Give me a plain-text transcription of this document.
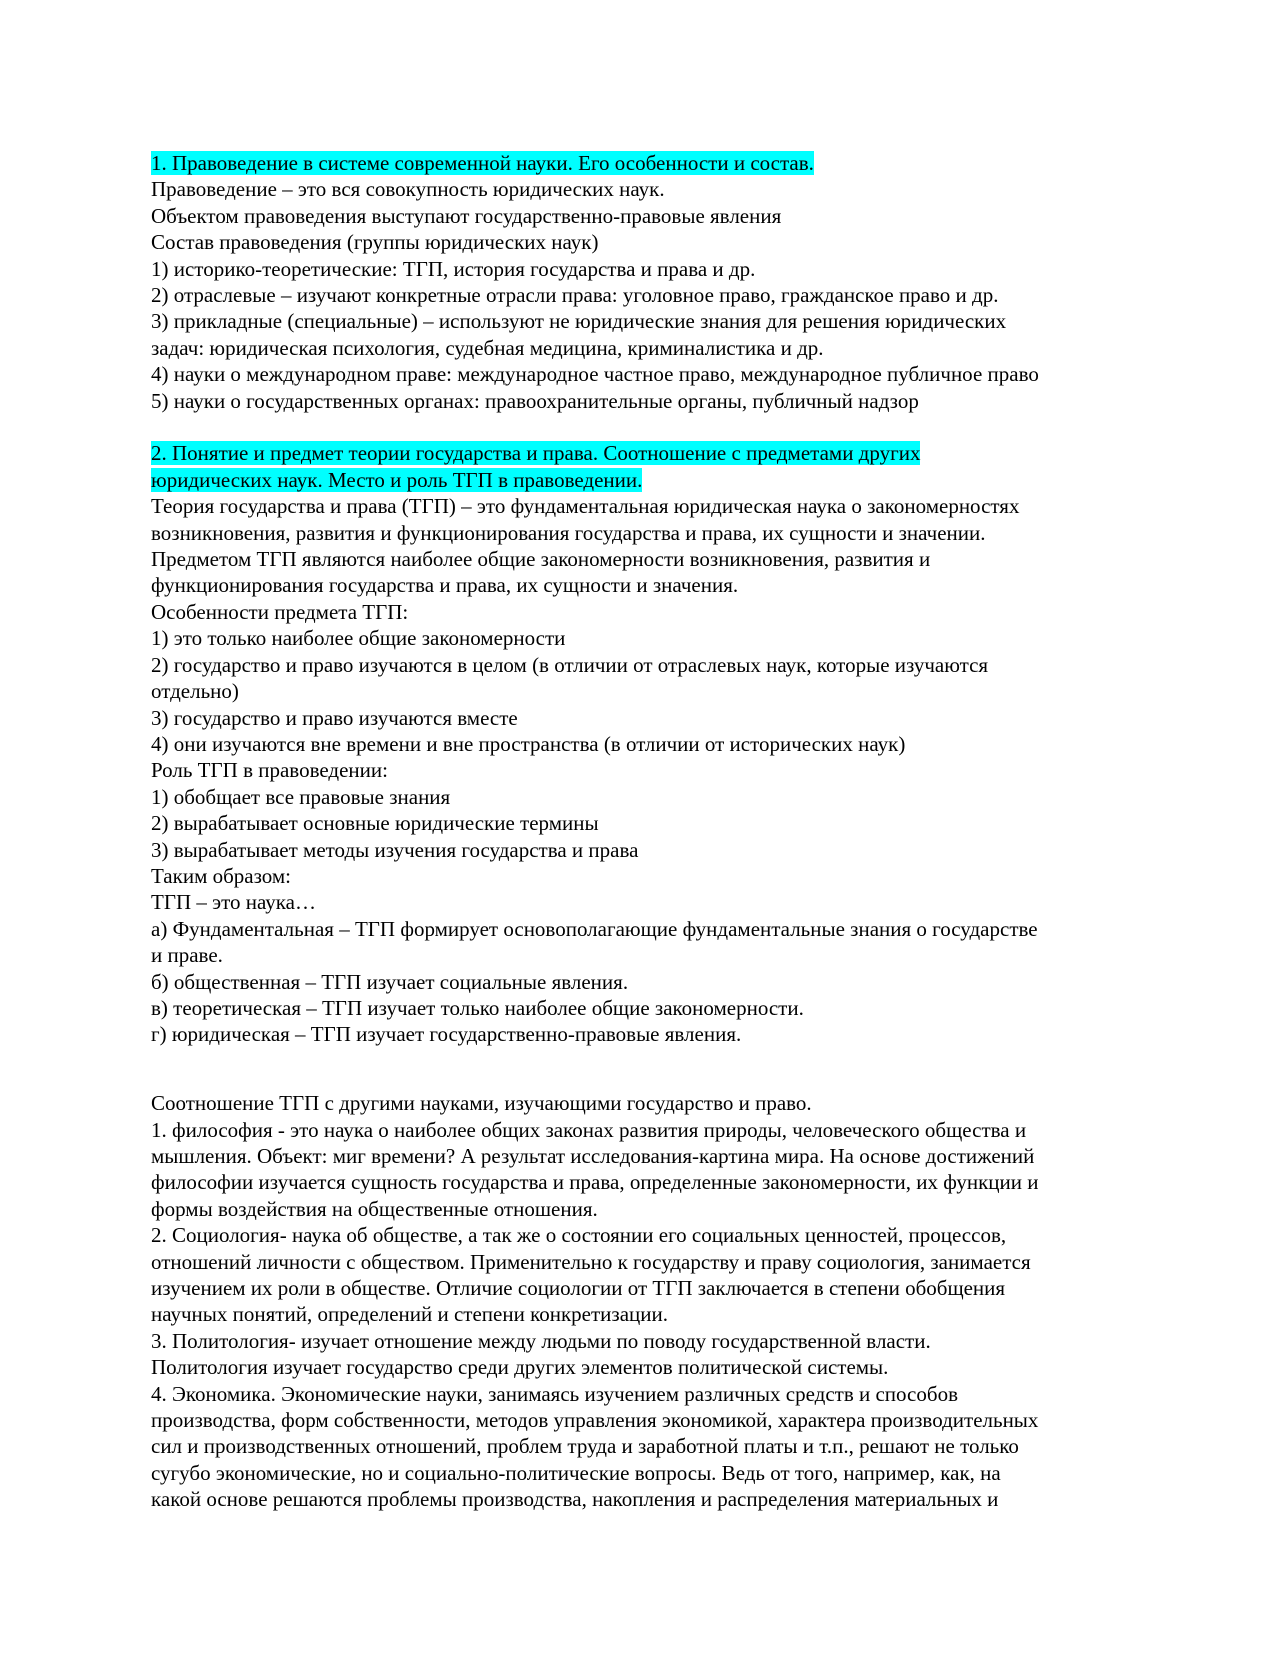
1. Правоведение в системе современной науки. Его особенности и состав.
Правоведение – это вся совокупность юридических наук.
Объектом правоведения выступают государственно-правовые явления
Состав правоведения (группы юридических наук)
1) историко-теоретические: ТГП, история государства и права и др.
2) отраслевые – изучают конкретные отрасли права: уголовное право, гражданское право и др.
3) прикладные (специальные) – используют не юридические знания для решения юридических
задач: юридическая психология, судебная медицина, криминалистика и др.
4) науки о международном праве: международное частное право, международное публичное право
5) науки о государственных органах: правоохранительные органы, публичный надзор
2. Понятие и предмет теории государства и права. Соотношение с предметами других
юридических наук. Место и роль ТГП в правоведении.
Теория государства и права (ТГП) – это фундаментальная юридическая наука о закономерностях
возникновения, развития и функционирования государства и права, их сущности и значении.
Предметом ТГП являются наиболее общие закономерности возникновения, развития и
функционирования государства и права, их сущности и значения.
Особенности предмета ТГП:
1) это только наиболее общие закономерности
2) государство и право изучаются в целом (в отличии от отраслевых наук, которые изучаются
отдельно)
3) государство и право изучаются вместе
4) они изучаются вне времени и вне пространства (в отличии от исторических наук)
Роль ТГП в правоведении:
1) обобщает все правовые знания
2) вырабатывает основные юридические термины
3) вырабатывает методы изучения государства и права
Таким образом:
ТГП – это наука…
а) Фундаментальная – ТГП формирует основополагающие фундаментальные знания о государстве
и праве.
б) общественная – ТГП изучает социальные явления.
в) теоретическая – ТГП изучает только наиболее общие закономерности.
г) юридическая – ТГП изучает государственно-правовые явления.
Соотношение ТГП с другими науками, изучающими государство и право.
1. философия - это наука о наиболее общих законах развития природы, человеческого общества и
мышления. Объект: миг времени? А результат исследования-картина мира. На основе достижений
философии изучается сущность государства и права, определенные закономерности, их функции и
формы воздействия на общественные отношения.
2. Социология- наука об обществе, а так же о состоянии его социальных ценностей, процессов,
отношений личности с обществом. Применительно к государству и праву социология, занимается
изучением их роли в обществе. Отличие социологии от ТГП заключается в степени обобщения
научных понятий, определений и степени конкретизации.
3. Политология- изучает отношение между людьми по поводу государственной власти.
Политология изучает государство среди других элементов политической системы.
4. Экономика. Экономические науки, занимаясь изучением различных средств и способов
производства, форм собственности, методов управления экономикой, характера производительных
сил и производственных отношений, проблем труда и заработной платы и т.п., решают не только
сугубо экономические, но и социально-политические вопросы. Ведь от того, например, как, на
какой основе решаются проблемы производства, накопления и распределения материальных и
